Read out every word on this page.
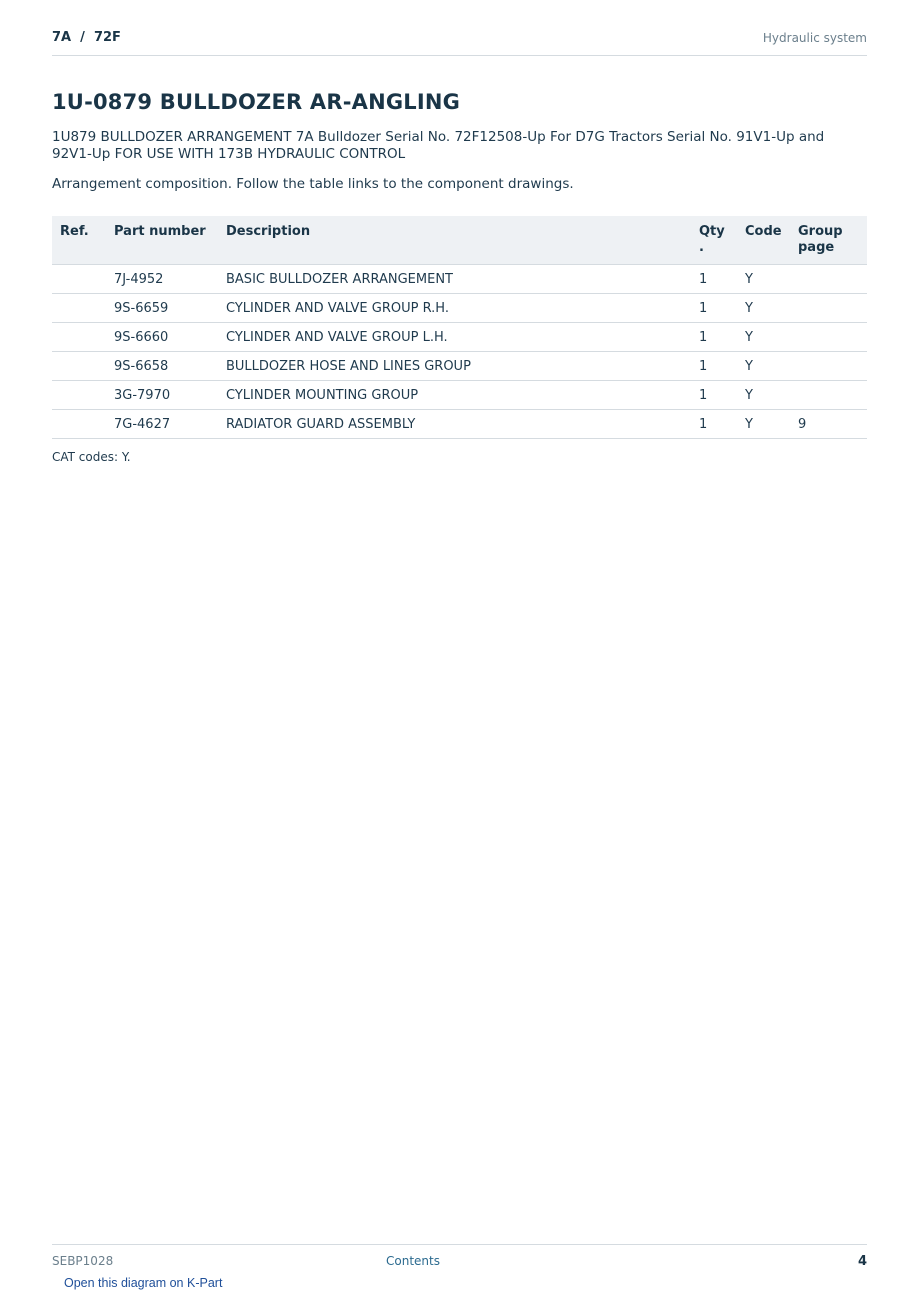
7A  /  72F	Hydraulic system
1U-0879 BULLDOZER AR-ANGLING

1U879 BULLDOZER ARRANGEMENT 7A Bulldozer Serial No. 72F12508-Up For D7G Tractors Serial No. 91V1-Up and 92V1-Up FOR USE WITH 173B HYDRAULIC CONTROL

Arrangement composition. Follow the table links to the component drawings.

Ref.	Part number	Description	Qty .	Code	Group page
	7J-4952	BASIC BULLDOZER ARRANGEMENT	1	Y	
	9S-6659	CYLINDER AND VALVE GROUP R.H.	1	Y	
	9S-6660	CYLINDER AND VALVE GROUP L.H.	1	Y	
	9S-6658	BULLDOZER HOSE AND LINES GROUP	1	Y	
	3G-7970	CYLINDER MOUNTING GROUP	1	Y	
	7G-4627	RADIATOR GUARD ASSEMBLY	1	Y	9

CAT codes: Y.

SEBP1028	Contents	4
Open this diagram on K-Part
